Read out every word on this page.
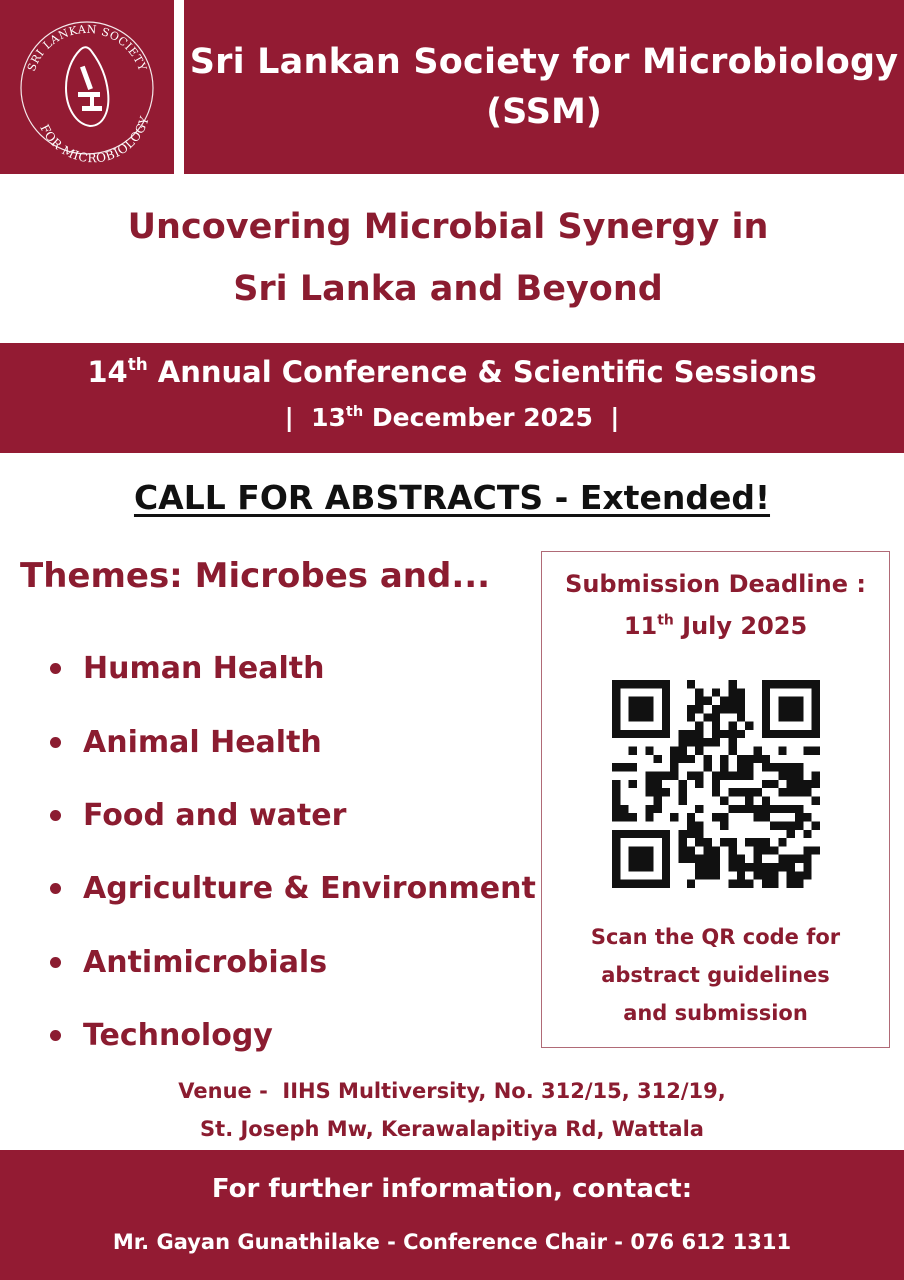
SRI LANKAN SOCIETY
FOR MICROBIOLOGY
Sri Lankan Society for Microbiology
(SSM)
Uncovering Microbial Synergy in
Sri Lanka and Beyond
14th Annual Conference & Scientific Sessions
|  13th December 2025  |
CALL FOR ABSTRACTS - Extended!
Themes: Microbes and...
Human Health
Animal Health
Food and water
Agriculture & Environment
Antimicrobials
Technology
Submission Deadline :
11th July 2025
Scan the QR code for
abstract guidelines
and submission
Venue -  IIHS Multiversity, No. 312/15, 312/19,
St. Joseph Mw, Kerawalapitiya Rd, Wattala
For further information, contact:
Mr. Gayan Gunathilake - Conference Chair - 076 612 1311
